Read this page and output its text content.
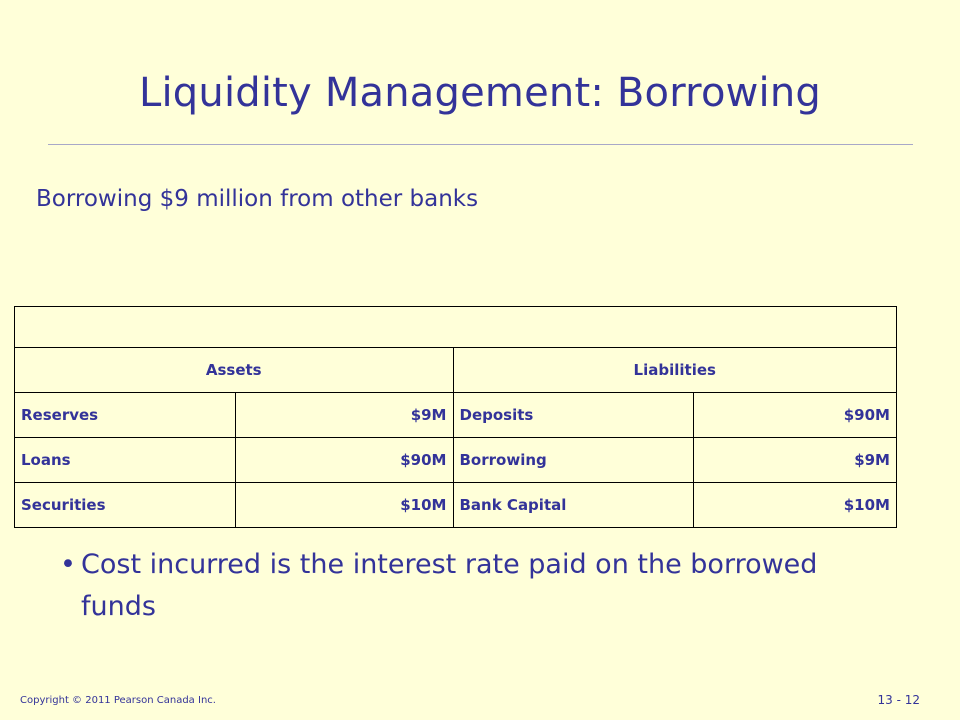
Liquidity Management: Borrowing
Borrowing $9 million from other banks

Assets		Liabilities	
Reserves	$9M	Deposits	$90M
Loans	$90M	Borrowing	$9M
Securities	$10M	Bank Capital	$10M
• Cost incurred is the interest rate paid on the borrowed funds
Copyright © 2011 Pearson Canada Inc.	13 - 12
